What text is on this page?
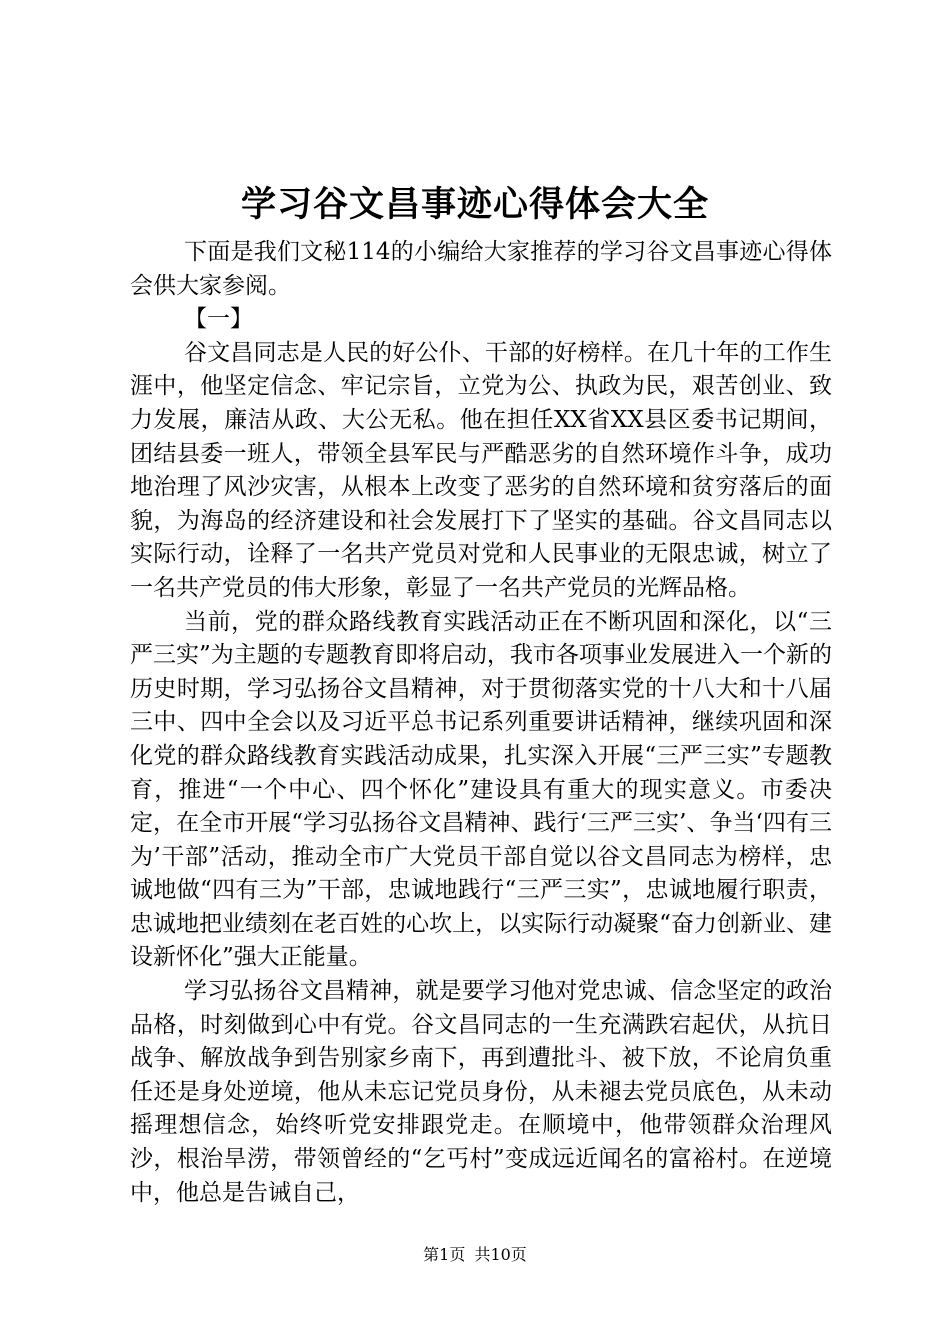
学习谷文昌事迹心得体会大全

下面是我们文秘114的小编给大家推荐的学习谷文昌事迹心得体会供大家参阅。

【一】

谷文昌同志是人民的好公仆、干部的好榜样。在几十年的工作生涯中，他坚定信念、牢记宗旨，立党为公、执政为民，艰苦创业、致力发展，廉洁从政、大公无私。他在担任XX省XX县区委书记期间，团结县委一班人，带领全县军民与严酷恶劣的自然环境作斗争，成功地治理了风沙灾害，从根本上改变了恶劣的自然环境和贫穷落后的面貌，为海岛的经济建设和社会发展打下了坚实的基础。谷文昌同志以实际行动，诠释了一名共产党员对党和人民事业的无限忠诚，树立了一名共产党员的伟大形象，彰显了一名共产党员的光辉品格。

当前，党的群众路线教育实践活动正在不断巩固和深化，以“三严三实”为主题的专题教育即将启动，我市各项事业发展进入一个新的历史时期，学习弘扬谷文昌精神，对于贯彻落实党的十八大和十八届三中、四中全会以及习近平总书记系列重要讲话精神，继续巩固和深化党的群众路线教育实践活动成果，扎实深入开展“三严三实”专题教育，推进“一个中心、四个怀化”建设具有重大的现实意义。市委决定，在全市开展“学习弘扬谷文昌精神、践行‘三严三实’、争当‘四有三为’干部”活动，推动全市广大党员干部自觉以谷文昌同志为榜样，忠诚地做“四有三为”干部，忠诚地践行“三严三实”，忠诚地履行职责，忠诚地把业绩刻在老百姓的心坎上，以实际行动凝聚“奋力创新业、建设新怀化”强大正能量。

学习弘扬谷文昌精神，就是要学习他对党忠诚、信念坚定的政治品格，时刻做到心中有党。谷文昌同志的一生充满跌宕起伏，从抗日战争、解放战争到告别家乡南下，再到遭批斗、被下放，不论肩负重任还是身处逆境，他从未忘记党员身份，从未褪去党员底色，从未动摇理想信念，始终听党安排跟党走。在顺境中，他带领群众治理风沙，根治旱涝，带领曾经的“乞丐村”变成远近闻名的富裕村。在逆境中，他总是告诫自己，

第1页 共10页
